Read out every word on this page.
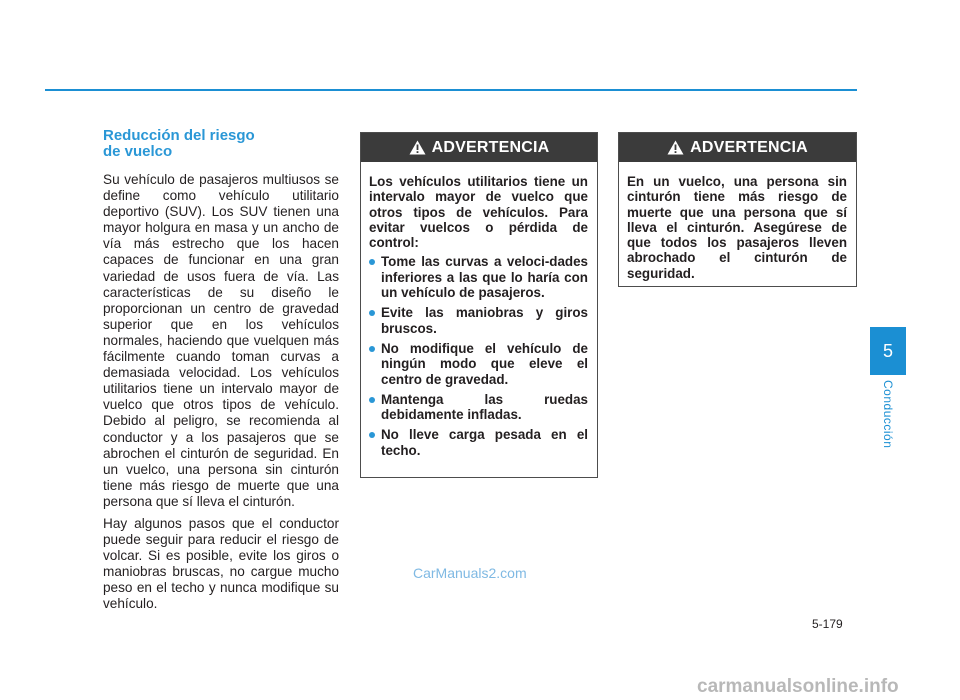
Reducción del riesgo
de vuelco

Su vehículo de pasajeros multiusos se define como vehículo utilitario deportivo (SUV). Los SUV tienen una mayor holgura en masa y un ancho de vía más estrecho que los hacen capaces de funcionar en una gran variedad de usos fuera de vía. Las características de su diseño le proporcionan un centro de gravedad superior que en los vehículos normales, haciendo que vuelquen más fácilmente cuando toman curvas a demasiada velocidad. Los vehículos utilitarios tiene un intervalo mayor de vuelco que otros tipos de vehículo. Debido al peligro, se recomienda al conductor y a los pasajeros que se abrochen el cinturón de seguridad. En un vuelco, una persona sin cinturón tiene más riesgo de muerte que una persona que sí lleva el cinturón.

Hay algunos pasos que el conductor puede seguir para reducir el riesgo de volcar. Si es posible, evite los giros o maniobras bruscas, no cargue mucho peso en el techo y nunca modifique su vehículo.

ADVERTENCIA

Los vehículos utilitarios tiene un intervalo mayor de vuelco que otros tipos de vehículos. Para evitar vuelcos o pérdida de control:

Tome las curvas a veloci-dades inferiores a las que lo haría con un vehículo de pasajeros.
Evite las maniobras y giros bruscos.
No modifique el vehículo de ningún modo que eleve el centro de gravedad.
Mantenga las ruedas debidamente infladas.
No lleve carga pesada en el techo.
ADVERTENCIA

En un vuelco, una persona sin cinturón tiene más riesgo de muerte que una persona que sí lleva el cinturón. Asegúrese de que todos los pasajeros lleven abrochado el cinturón de seguridad.

5
Conducción
5-179
CarManuals2.com
carmanualsonline.info
